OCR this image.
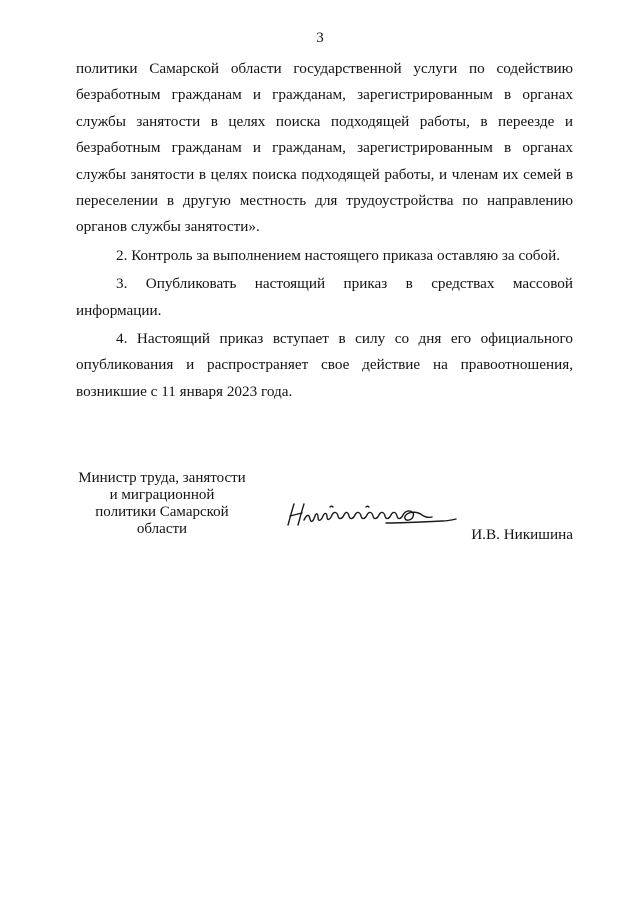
3

политики Самарской области государственной услуги по содействию безработным гражданам и гражданам, зарегистрированным в органах службы занятости в целях поиска подходящей работы, в переезде и безработным гражданам и гражданам, зарегистрированным в органах службы занятости в целях поиска подходящей работы, и членам их семей в переселении в другую местность для трудоустройства по направлению органов службы занятости».

2. Контроль за выполнением настоящего приказа оставляю за собой.

3. Опубликовать настоящий приказ в средствах массовой информации.

4. Настоящий приказ вступает в силу со дня его официального опубликования и распространяет свое действие на правоотношения, возникшие с 11 января 2023 года.

Министр труда, занятости
и миграционной
политики Самарской
области	И.В. Никишина
